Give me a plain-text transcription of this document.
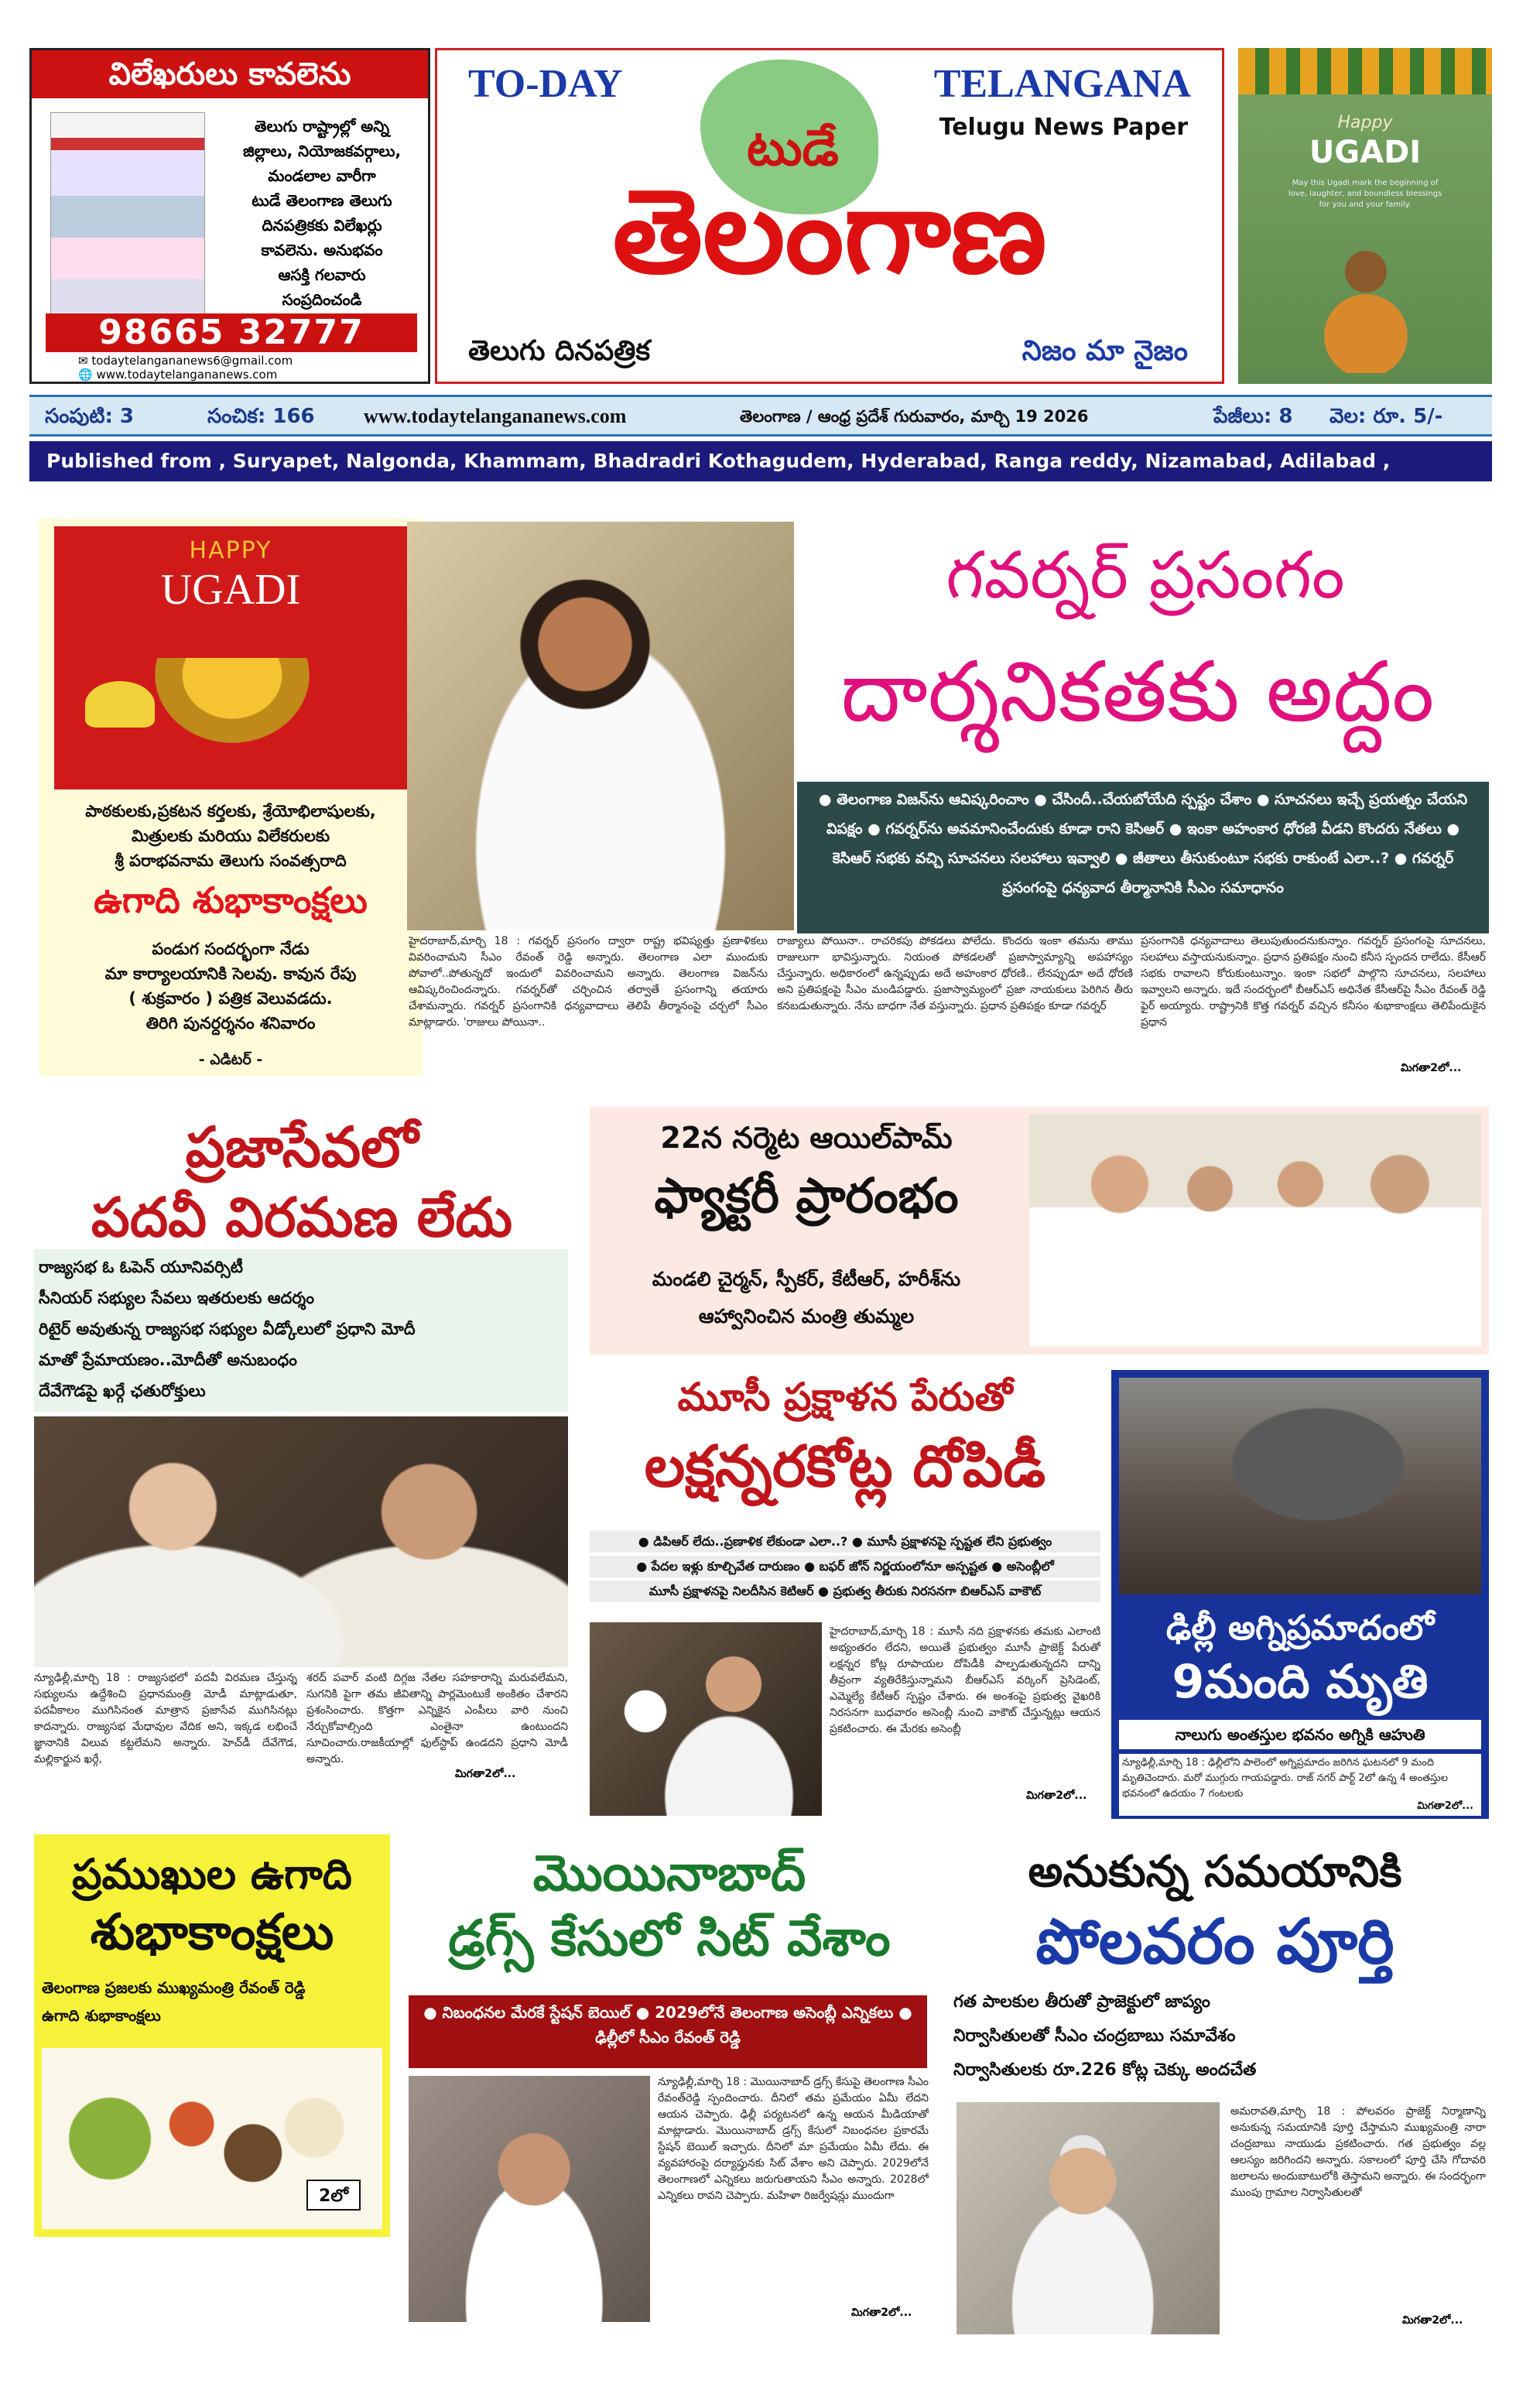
విలేఖరులు కావలెను
తెలుగు రాష్ట్రాల్లో అన్ని
జిల్లాలు, నియోజకవర్గాలు,
మండలాల వారీగా
టుడే తెలంగాణ తెలుగు
దినపత్రికకు విలేఖర్లు
కావలెను. అనుభవం
ఆసక్తి గలవారు
సంప్రదించండి
98665 32777
✉ todaytelangananews6@gmail.com
🌐 www.todaytelangananews.com
TO-DAY	TELANGANA
Telugu News Paper
టుడే
తెలంగాణ
తెలుగు దినపత్రిక	నిజం మా నైజం
Happy
UGADI
May this Ugadi mark the beginning of love, laughter, and boundless blessings for you and your family.
సంపుటి: 3	సంచిక: 166 www.todaytelangananews.com	తెలంగాణ / ఆంధ్ర ప్రదేశ్ గురువారం, మార్చి 19 2026	పేజీలు: 8 వెల: రూ. 5/-
Published from , Suryapet, Nalgonda, Khammam, Bhadradri Kothagudem, Hyderabad, Ranga reddy, Nizamabad, Adilabad ,
HAPPY
UGADI
పాఠకులకు,ప్రకటన కర్తలకు, శ్రేయోభిలాషులకు,
మిత్రులకు మరియు విలేకరులకు
శ్రీ పరాభవనామ తెలుగు సంవత్సరాది
ఉగాది శుభాకాంక్షలు
పండుగ సందర్భంగా నేడు
మా కార్యాలయానికి సెలవు. కావున రేపు
( శుక్రవారం ) పత్రిక వెలువడదు.
తిరిగి పునర్దర్శనం శనివారం
- ఎడిటర్ -
గవర్నర్ ప్రసంగం
దార్శనికతకు అద్దం
● తెలంగాణ విజన్‌ను ఆవిష్కరించాం ● చేసిందీ..చేయబోయేది స్పష్టం చేశాం ● సూచనలు ఇచ్చే ప్రయత్నం చేయని విపక్షం ● గవర్నర్‌ను అవమానించేందుకు కూడా రాని కెసిఆర్ ● ఇంకా అహంకార ధోరణి వీడని కొందరు నేతలు ● కెసిఆర్ సభకు వచ్చి సూచనలు సలహాలు ఇవ్వాలి ● జీతాలు తీసుకుంటూ సభకు రాకుంటే ఎలా..? ● గవర్నర్ ప్రసంగంపై ధన్యవాద తీర్మానానికి సీఎం సమాధానం
హైదరాబాద్,మార్చి 18 : గవర్నర్ ప్రసంగం ద్వారా రాష్ట్ర భవిష్యత్తు ప్రణాళికలు వివరించామని సీఎం రేవంత్ రెడ్డి అన్నారు. తెలంగాణ ఎలా ముందుకు పోవాలో..పోతున్నదో ఇందులో వివరించామని అన్నారు. తెలంగాణ విజన్‌ను ఆవిష్కరించిందన్నారు. గవర్నర్‌తో చర్చించిన తర్వాతే ప్రసంగాన్ని తయారు చేశామన్నారు. గవర్నర్ ప్రసంగానికి ధన్యవాదాలు తెలిపే తీర్మానంపై చర్చలో సీఎం మాట్లాడారు. 'రాజులు పోయినా..
రాజ్యాలు పోయినా.. రాచరికపు పోకడలు పోలేదు. కొందరు ఇంకా తమను తాము రాజులుగా భావిస్తున్నారు. నియంత పోకడలతో ప్రజాస్వామ్యాన్ని అపహాస్యం చేస్తున్నారు. అధికారంలో ఉన్నప్పుడు అదే అహంకార ధోరణి.. లేనప్పుడూ అదే ధోరణి అని ప్రతిపక్షంపై సీఎం మండిపడ్డారు. ప్రజాస్వామ్యంలో ప్రజా నాయకులు పెరిగిన తీరు కనబడుతున్నారు. నేను బాధగా నేత వస్తున్నారు. ప్రధాన ప్రతిపక్షం కూడా గవర్నర్
ప్రసంగానికి ధన్యవాదాలు తెలుపుతుందనుకున్నాం. గవర్నర్ ప్రసంగంపై సూచనలు, సలహాలు వస్తాయనుకున్నాం. ప్రధాన ప్రతిపక్షం నుంచి కనీస స్పందన రాలేదు. కేసీఆర్ సభకు రావాలని కోరుకుంటున్నాం. ఇంకా సభలో పాల్గొని సూచనలు, సలహాలు ఇవ్వాలని అన్నారు. ఇదే సందర్భంలో బీఆర్ఎస్ అధినేత కేసీఆర్‌పై సీఎం రేవంత్ రెడ్డి ఫైర్ అయ్యారు. రాష్ట్రానికి కొత్త గవర్నర్ వచ్చిన కనీసం శుభాకాంక్షలు తెలిపేందుకైన ప్రధాన
మిగతా2లో...
ప్రజాసేవలో
పదవీ విరమణ లేదు
రాజ్యసభ ఓ ఓపెన్ యూనివర్సిటీ
సీనియర్ సభ్యుల సేవలు ఇతరులకు ఆదర్శం
రిటైర్ అవుతున్న రాజ్యసభ సభ్యుల వీడ్కోలులో ప్రధాని మోదీ
మాతో ప్రేమాయణం..మోదీతో అనుబంధం
దేవేగౌడపై ఖర్గే ఛతురోక్తులు
న్యూఢిల్లీ,మార్చి 18 : రాజ్యసభలో పదవీ విరమణ చేస్తున్న సభ్యులను ఉద్దేశించి ప్రధానమంత్రి మోడీ మాట్లాడుతూ, పదవీకాలం ముగిసినంత మాత్రాన ప్రజాసేవ ముగిసినట్లు కాదన్నారు. రాజ్యసభ మేధావుల వేదిక అని, ఇక్కడ లభించే జ్ఞానానికి విలువ కట్టలేమని అన్నారు. హెచ్‌డీ దేవేగౌడ, మల్లికార్జున ఖర్గే,
శరద్ పవార్ వంటి దిగ్గజ నేతల సహకారాన్ని మరువలేమని, సుగనికి పైగా తమ జీవితాన్ని పార్లమెంటుకే అంకితం చేశారని ప్రశంసించారు. కొత్తగా ఎన్నికైన ఎంపీలు వారి నుంచి నేర్చుకోవాల్సింది ఎంతైనా ఉంటుందని సూచించారు.రాజకీయాల్లో ఫుల్‌స్టాప్ ఉండదని ప్రధాని మోడీ అన్నారు.
మిగతా2లో...
22న నర్మెట ఆయిల్‌పామ్
ఫ్యాక్టరీ ప్రారంభం
మండలి చైర్మన్, స్పీకర్, కేటీఆర్, హరీశ్‌ను
ఆహ్వానించిన మంత్రి తుమ్మల
మూసీ ప్రక్షాళన పేరుతో
లక్షన్నరకోట్ల దోపిడీ
● డిపిఆర్ లేదు..ప్రణాళిక లేకుండా ఎలా..? ● మూసీ ప్రక్షాళనపై స్పష్టత లేని ప్రభుత్వం
● పేదల ఇళ్లు కూల్చివేత దారుణం ● బఫర్ జోన్ నిర్ణయంలోనూ అస్పష్టత ● అసెంబ్లీలో
మూసీ ప్రక్షాళనపై నిలదీసిన కెటిఆర్ ● ప్రభుత్వ తీరుకు నిరసనగా బిఆర్ఎస్ వాకౌట్
హైదరాబాద్,మార్చి 18 : మూసీ నది ప్రక్షాళనకు తమకు ఎలాంటి అభ్యంతరం లేదని, అయితే ప్రభుత్వం మూసీ ప్రాజెక్ట్ పేరుతో లక్షన్నర కోట్ల రూపాయల దోపిడీకి పాల్పడుతున్నదని దాన్ని తీవ్రంగా వ్యతిరేకిస్తున్నామని బీఆర్ఎస్ వర్కింగ్ ప్రెసిడెంట్, ఎమ్మెల్యే కేటీఆర్ స్పష్టం చేశారు. ఈ అంశంపై ప్రభుత్వ వైఖరికి నిరసనగా బుధవారం అసెంబ్లీ నుంచి వాకౌట్ చేస్తున్నట్లు ఆయన ప్రకటించారు. ఈ మేరకు అసెంబ్లీ
మిగతా2లో...
ఢిల్లీ అగ్నిప్రమాదంలో
9మంది మృతి
నాలుగు అంతస్తుల భవనం అగ్నికి ఆహుతి
న్యూఢిల్లీ,మార్చి 18 : ఢిల్లీలోని పాలెంలో అగ్నిప్రమాదం జరిగిన ఘటనలో 9 మంది మృతిచెందారు. మరో ముగ్గురు గాయపడ్డారు. రాజ్ నగర్ పార్ట్ 2లో ఉన్న 4 అంతస్తుల భవనంలో ఉదయం 7 గంటలకు
మిగతా2లో...
ప్రముఖుల ఉగాది
శుభాకాంక్షలు
తెలంగాణ ప్రజలకు ముఖ్యమంత్రి రేవంత్ రెడ్డి
ఉగాది శుభాకాంక్షలు
2లో
మొయినాబాద్
డ్రగ్స్ కేసులో సిట్ వేశాం
● నిబంధనల మేరకే స్టేషన్ బెయిల్ ● 2029లోనే తెలంగాణ అసెంబ్లీ ఎన్నికలు ● ఢిల్లీలో సీఎం రేవంత్ రెడ్డి
న్యూఢిల్లీ,మార్చి 18 : మొయినాబాద్ డ్రగ్స్ కేసుపై తెలంగాణ సీఎం రేవంత్‌రెడ్డి స్పందించారు. దీనిలో తమ ప్రమేయం ఏమీ లేదని ఆయన చెప్పారు. ఢిల్లీ పర్యటనలో ఉన్న ఆయన మీడియాతో మాట్లాడారు. మొయినాబాద్ డ్రగ్స్ కేసులో నిబంధనల ప్రకారమే స్టేషన్ బెయిల్ ఇచ్చారు. దీనిలో మా ప్రమేయం ఏమీ లేదు. ఈ వ్యవహారంపై దర్యాప్తునకు సిట్ వేశాం అని చెప్పారు. 2029లోనే తెలంగాణలో ఎన్నికలు జరుగుతాయని సీఎం అన్నారు. 2028లో ఎన్నికలు రావని చెప్పారు. మహిళా రిజర్వేషన్లు ముందుగా
మిగతా2లో...
అనుకున్న సమయానికి
పోలవరం పూర్తి
గత పాలకుల తీరుతో ప్రాజెక్టులో జాప్యం
నిర్వాసితులతో సీఎం చంద్రబాబు సమావేశం
నిర్వాసితులకు రూ.226 కోట్ల చెక్కు అందచేత
అమరావతి,మార్చి 18 : పోలవరం ప్రాజెక్ట్ నిర్మాణాన్ని అనుకున్న సమయానికి పూర్తి చేస్తామని ముఖ్యమంత్రి నారా చంద్రబాబు నాయుడు ప్రకటించారు. గత ప్రభుత్వం వల్ల ఆలస్యం జరిగిందని అన్నారు. సకాలంలో పూర్తి చేసి గోదావరి జలాలను అందుబాటులోకి తెస్తామని అన్నారు. ఈ సందర్భంగా ముంపు గ్రామాల నిర్వాసితులతో
మిగతా2లో...
